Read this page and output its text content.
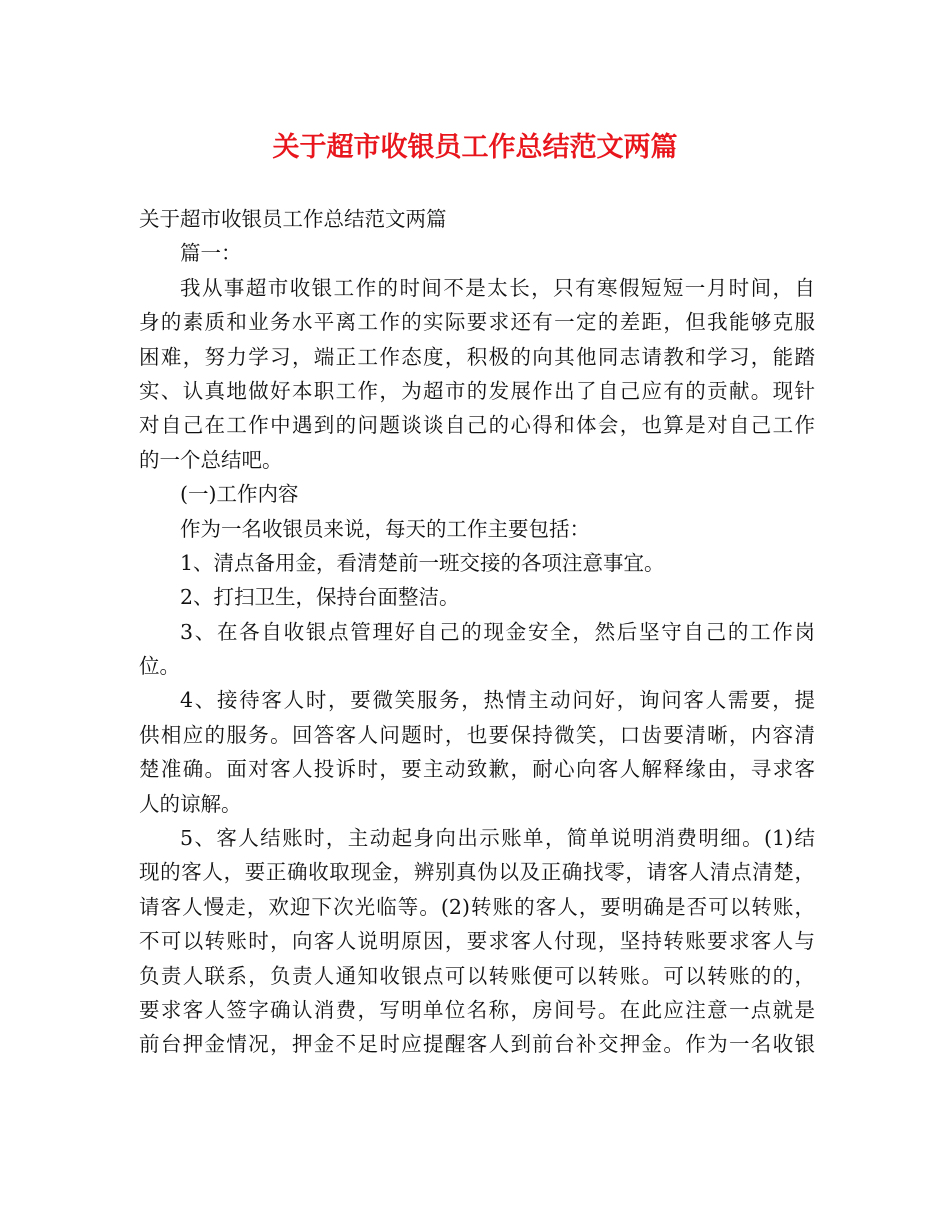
关于超市收银员工作总结范文两篇
关于超市收银员工作总结范文两篇
篇一：
我从事超市收银工作的时间不是太长，只有寒假短短一月时间，自
身的素质和业务水平离工作的实际要求还有一定的差距，但我能够克服
困难，努力学习，端正工作态度，积极的向其他同志请教和学习，能踏
实、认真地做好本职工作，为超市的发展作出了自己应有的贡献。现针
对自己在工作中遇到的问题谈谈自己的心得和体会，也算是对自己工作
的一个总结吧。
(一)工作内容
作为一名收银员来说，每天的工作主要包括：
1、清点备用金，看清楚前一班交接的各项注意事宜。
2、打扫卫生，保持台面整洁。
3、在各自收银点管理好自己的现金安全，然后坚守自己的工作岗
位。
4、接待客人时，要微笑服务，热情主动问好，询问客人需要，提
供相应的服务。回答客人问题时，也要保持微笑，口齿要清晰，内容清
楚准确。面对客人投诉时，要主动致歉，耐心向客人解释缘由，寻求客
人的谅解。
5、客人结账时，主动起身向出示账单，简单说明消费明细。(1)结
现的客人，要正确收取现金，辨别真伪以及正确找零，请客人清点清楚，
请客人慢走，欢迎下次光临等。(2)转账的客人，要明确是否可以转账，
不可以转账时，向客人说明原因，要求客人付现，坚持转账要求客人与
负责人联系，负责人通知收银点可以转账便可以转账。可以转账的的，
要求客人签字确认消费，写明单位名称，房间号。在此应注意一点就是
前台押金情况，押金不足时应提醒客人到前台补交押金。作为一名收银
